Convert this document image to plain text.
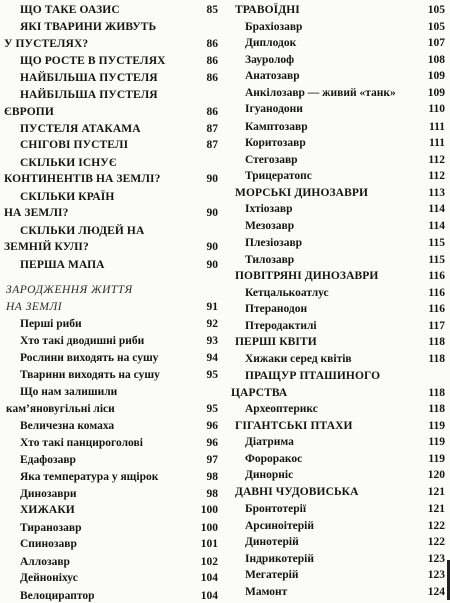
ЩО ТАКЕ ОАЗИС	85
ЯКІ ТВАРИНИ ЖИВУТЬ
У ПУСТЕЛЯХ?	86
ЩО РОСТЕ В ПУСТЕЛЯХ	86
НАЙБІЛЬША ПУСТЕЛЯ	86
НАЙБІЛЬША ПУСТЕЛЯ
ЄВРОПИ	86
ПУСТЕЛЯ АТАКАМА	87
СНІГОВІ ПУСТЕЛІ	87
СКІЛЬКИ ІСНУЄ
КОНТИНЕНТІВ НА ЗЕМЛІ?	90
СКІЛЬКИ КРАЇН
НА ЗЕМЛІ?	90
СКІЛЬКИ ЛЮДЕЙ НА
ЗЕМНІЙ КУЛІ?	90
ПЕРША МАПА	90
ЗАРОДЖЕННЯ ЖИТТЯ
НА ЗЕМЛІ	91
Перші риби	92
Хто такі дводишні риби	93
Рослини виходять на сушу	94
Тварини виходять на сушу	95
Що нам залишили
кам’яновугільні ліси	95
Величезна комаха	96
Хто такі панцироголові	96
Едафозавр	97
Яка температура у ящірок	98
Динозаври	98
ХИЖАКИ	100
Тиранозавр	100
Спинозавр	101
Аллозавр	102
Дейноніхус	104
Велоцираптор	104
ТРАВОЇДНІ	105
Брахіозавр	105
Диплодок	107
Зауролоф	108
Анатозавр	109
Анкілозавр — живий «танк»	109
Ігуанодони	110
Камптозавр	111
Коритозавр	111
Стегозавр	112
Трицератопс	112
МОРСЬКІ ДИНОЗАВРИ	113
Іхтіозавр	114
Мезозавр	114
Плезіозавр	115
Тилозавр	115
ПОВІТРЯНІ ДИНОЗАВРИ	116
Кетцалькоатлус	116
Птеранодон	116
Птеродактилі	117
ПЕРШІ КВІТИ	118
Хижаки серед квітів	118
ПРАЩУР ПТАШИНОГО
ЦАРСТВА	118
Археоптерикс	118
ГІГАНТСЬКІ ПТАХИ	119
Діатрима	119
Фороракос	119
Динорніс	120
ДАВНІ ЧУДОВИСЬКА	121
Бронтотерії	121
Арсиноітерій	122
Динотерій	122
Індрикотерій	123
Мегатерій	123
Мамонт	124
